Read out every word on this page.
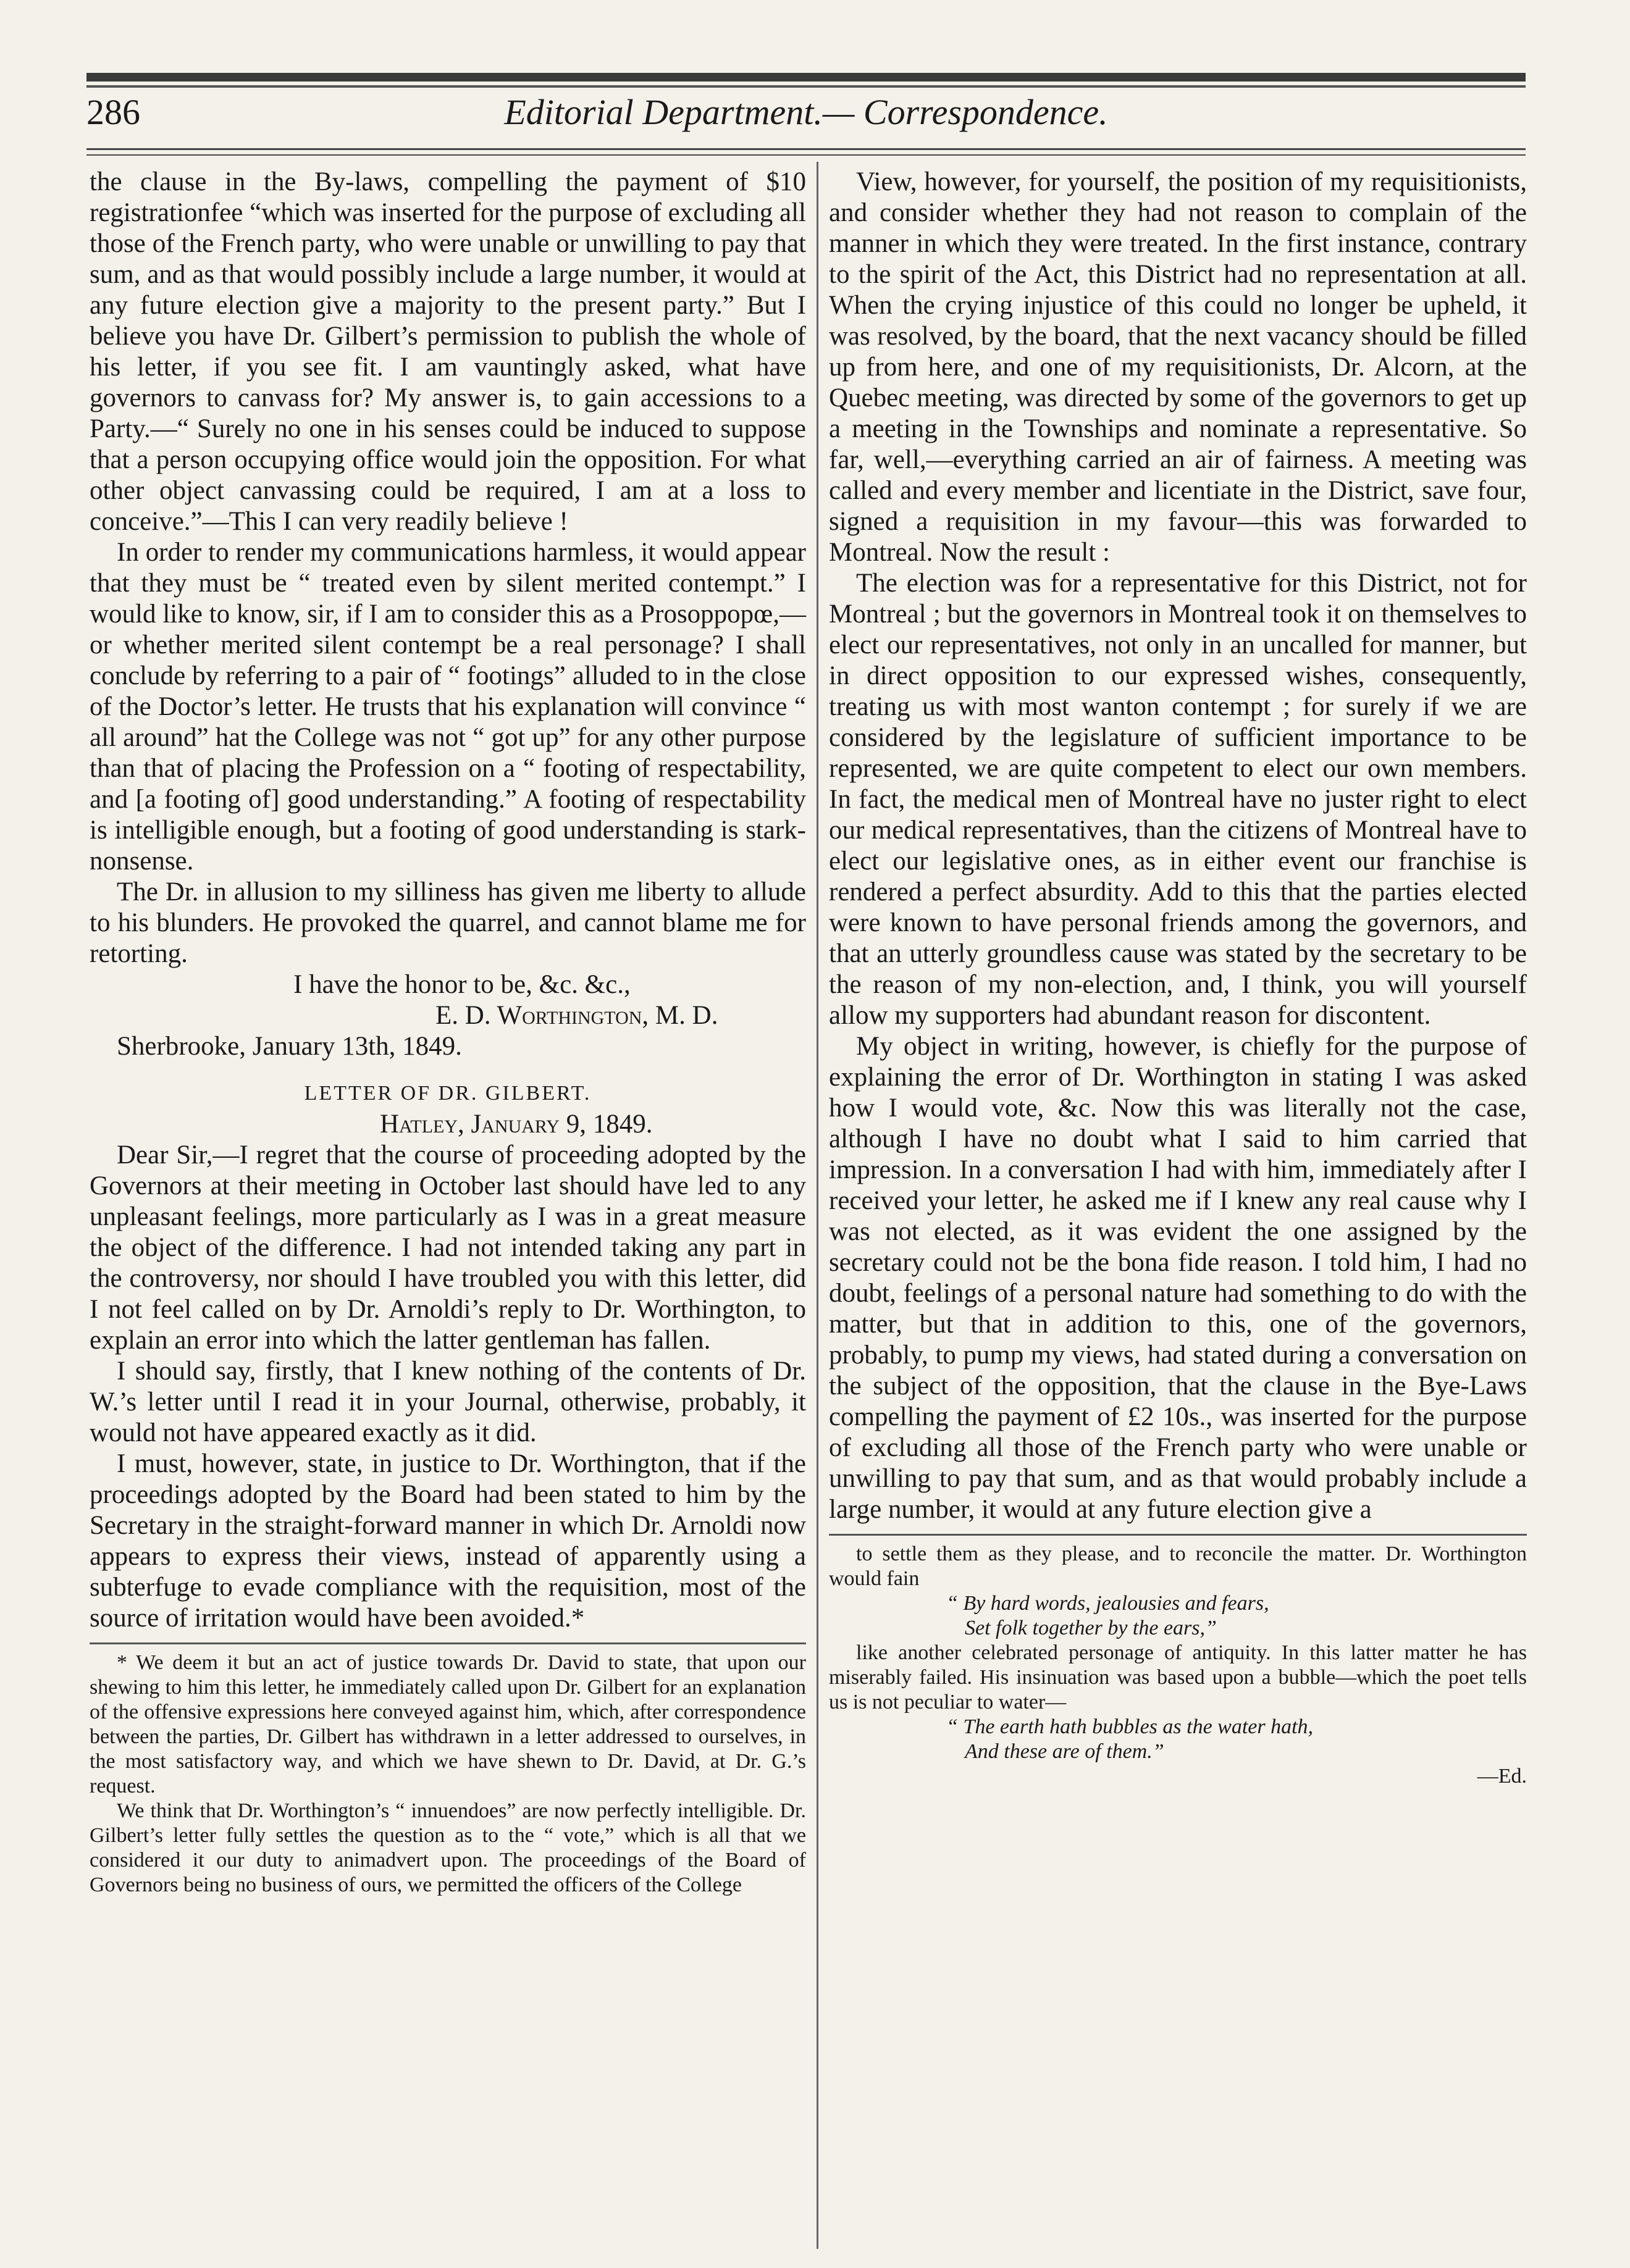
Editorial Department.— Correspondence.
286

the clause in the By-laws, compelling the payment of $10 registrationfee “which was inserted for the purpose of excluding all those of the French party, who were unable or unwilling to pay that sum, and as that would possibly include a large number, it would at any future election give a majority to the present party.” But I believe you have Dr. Gilbert’s permission to publish the whole of his letter, if you see fit. I am vauntingly asked, what have governors to canvass for? My answer is, to gain accessions to a Party.—“ Surely no one in his senses could be induced to suppose that a person occupying office would join the opposition. For what other object canvassing could be required, I am at a loss to conceive.”—This I can very readily believe !

In order to render my communications harmless, it would appear that they must be “ treated even by silent merited contempt.” I would like to know, sir, if I am to consider this as a Prosoppopœ,—or whether merited silent contempt be a real personage? I shall conclude by referring to a pair of “ footings” alluded to in the close of the Doctor’s letter. He trusts that his explanation will convince “ all around” hat the College was not “ got up” for any other purpose than that of placing the Profession on a “ footing of respectability, and [a footing of] good understanding.” A footing of respectability is intelligible enough, but a footing of good understanding is stark-nonsense.

The Dr. in allusion to my silliness has given me liberty to allude to his blunders. He provoked the quarrel, and cannot blame me for retorting.

I have the honor to be, &c. &c.,
E. D. Worthington, M. D.
Sherbrooke, January 13th, 1849.
LETTER OF DR. GILBERT.
Hatley, January 9, 1849.

Dear Sir,—I regret that the course of proceeding adopted by the Governors at their meeting in October last should have led to any unpleasant feelings, more particularly as I was in a great measure the object of the difference. I had not intended taking any part in the controversy, nor should I have troubled you with this letter, did I not feel called on by Dr. Arnoldi’s reply to Dr. Worthington, to explain an error into which the latter gentleman has fallen.

I should say, firstly, that I knew nothing of the contents of Dr. W.’s letter until I read it in your Journal, otherwise, probably, it would not have appeared exactly as it did.

I must, however, state, in justice to Dr. Worthington, that if the proceedings adopted by the Board had been stated to him by the Secretary in the straight-forward manner in which Dr. Arnoldi now appears to express their views, instead of apparently using a subterfuge to evade compliance with the requisition, most of the source of irritation would have been avoided.*

* We deem it but an act of justice towards Dr. David to state, that upon our shewing to him this letter, he immediately called upon Dr. Gilbert for an explanation of the offensive expressions here conveyed against him, which, after correspondence between the parties, Dr. Gilbert has withdrawn in a letter addressed to ourselves, in the most satisfactory way, and which we have shewn to Dr. David, at Dr. G.’s request.

We think that Dr. Worthington’s “ innuendoes” are now perfectly intelligible. Dr. Gilbert’s letter fully settles the question as to the “ vote,” which is all that we considered it our duty to animadvert upon. The proceedings of the Board of Governors being no business of ours, we permitted the officers of the College

View, however, for yourself, the position of my requisitionists, and consider whether they had not reason to complain of the manner in which they were treated. In the first instance, contrary to the spirit of the Act, this District had no representation at all. When the crying injustice of this could no longer be upheld, it was resolved, by the board, that the next vacancy should be filled up from here, and one of my requisitionists, Dr. Alcorn, at the Quebec meeting, was directed by some of the governors to get up a meeting in the Townships and nominate a representative. So far, well,—everything carried an air of fairness. A meeting was called and every member and licentiate in the District, save four, signed a requisition in my favour—this was forwarded to Montreal. Now the result :

The election was for a representative for this District, not for Montreal ; but the governors in Montreal took it on themselves to elect our representatives, not only in an uncalled for manner, but in direct opposition to our expressed wishes, consequently, treating us with most wanton contempt ; for surely if we are considered by the legislature of sufficient importance to be represented, we are quite competent to elect our own members. In fact, the medical men of Montreal have no juster right to elect our medical representatives, than the citizens of Montreal have to elect our legislative ones, as in either event our franchise is rendered a perfect absurdity. Add to this that the parties elected were known to have personal friends among the governors, and that an utterly groundless cause was stated by the secretary to be the reason of my non-election, and, I think, you will yourself allow my supporters had abundant reason for discontent.

My object in writing, however, is chiefly for the purpose of explaining the error of Dr. Worthington in stating I was asked how I would vote, &c. Now this was literally not the case, although I have no doubt what I said to him carried that impression. In a conversation I had with him, immediately after I received your letter, he asked me if I knew any real cause why I was not elected, as it was evident the one assigned by the secretary could not be the bona fide reason. I told him, I had no doubt, feelings of a personal nature had something to do with the matter, but that in addition to this, one of the governors, probably, to pump my views, had stated during a conversation on the subject of the opposition, that the clause in the Bye-Laws compelling the payment of £2 10s., was inserted for the purpose of excluding all those of the French party who were unable or unwilling to pay that sum, and as that would probably include a large number, it would at any future election give a

to settle them as they please, and to reconcile the matter. Dr. Worthington would fain

“ By hard words, jealousies and fears,
Set folk together by the ears,”

like another celebrated personage of antiquity. In this latter matter he has miserably failed. His insinuation was based upon a bubble—which the poet tells us is not peculiar to water—

“ The earth hath bubbles as the water hath,
And these are of them.”
—Ed.
